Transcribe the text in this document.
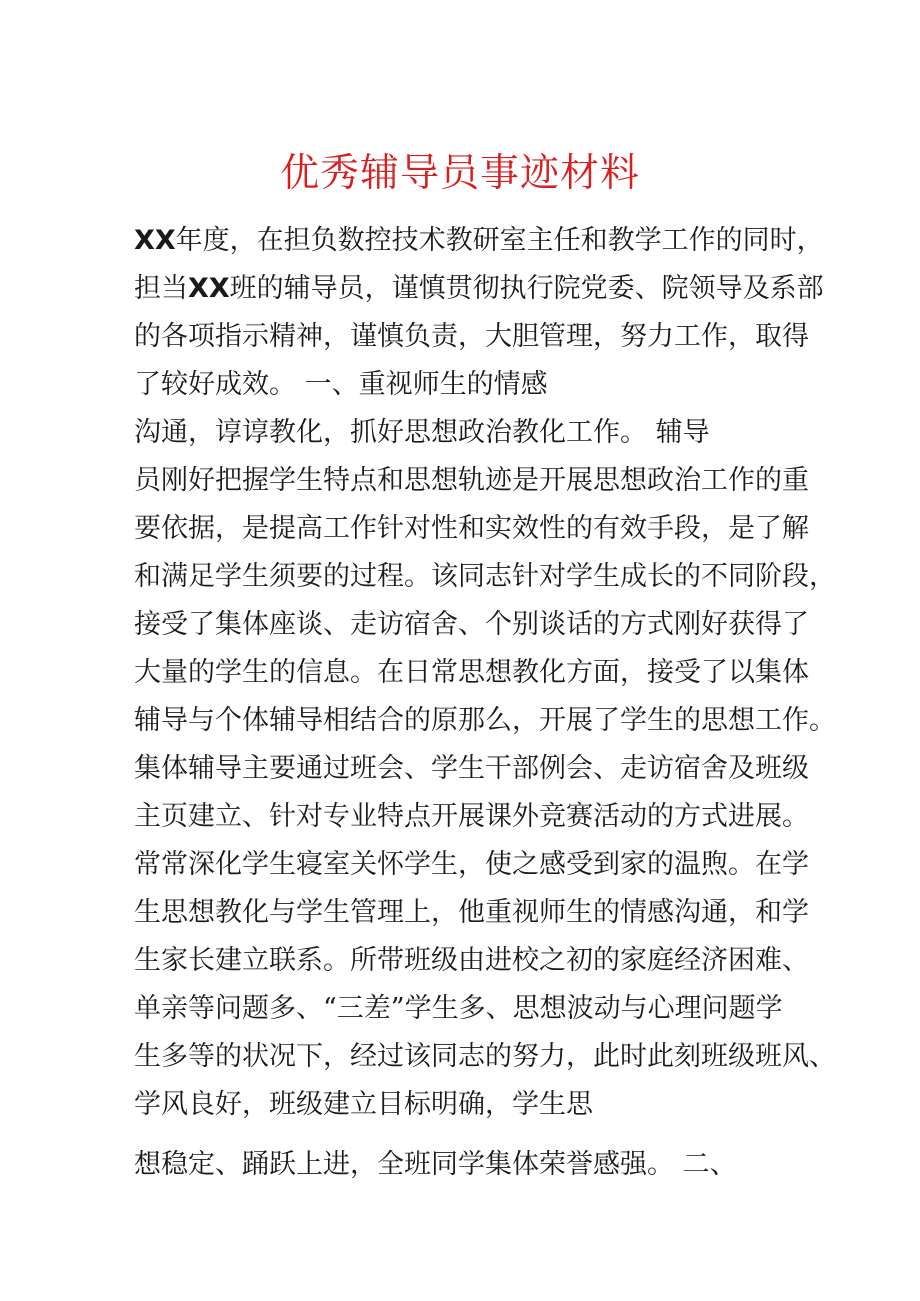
优秀辅导员事迹材料
XX年度，在担负数控技术教研室主任和教学工作的同时，
担当XX班的辅导员，谨慎贯彻执行院党委、院领导及系部
的各项指示精神，谨慎负责，大胆管理，努力工作，取得
了较好成效。 一、重视师生的情感
沟通，谆谆教化，抓好思想政治教化工作。 辅导
员刚好把握学生特点和思想轨迹是开展思想政治工作的重
要依据，是提高工作针对性和实效性的有效手段，是了解
和满足学生须要的过程。该同志针对学生成长的不同阶段，
接受了集体座谈、走访宿舍、个别谈话的方式刚好获得了
大量的学生的信息。在日常思想教化方面，接受了以集体
辅导与个体辅导相结合的原那么，开展了学生的思想工作。
集体辅导主要通过班会、学生干部例会、走访宿舍及班级
主页建立、针对专业特点开展课外竞赛活动的方式进展。
常常深化学生寝室关怀学生，使之感受到家的温煦。在学
生思想教化与学生管理上，他重视师生的情感沟通，和学
生家长建立联系。所带班级由进校之初的家庭经济困难、
单亲等问题多、“三差”学生多、思想波动与心理问题学
生多等的状况下，经过该同志的努力，此时此刻班级班风、
学风良好，班级建立目标明确，学生思
想稳定、踊跃上进，全班同学集体荣誉感强。 二、
